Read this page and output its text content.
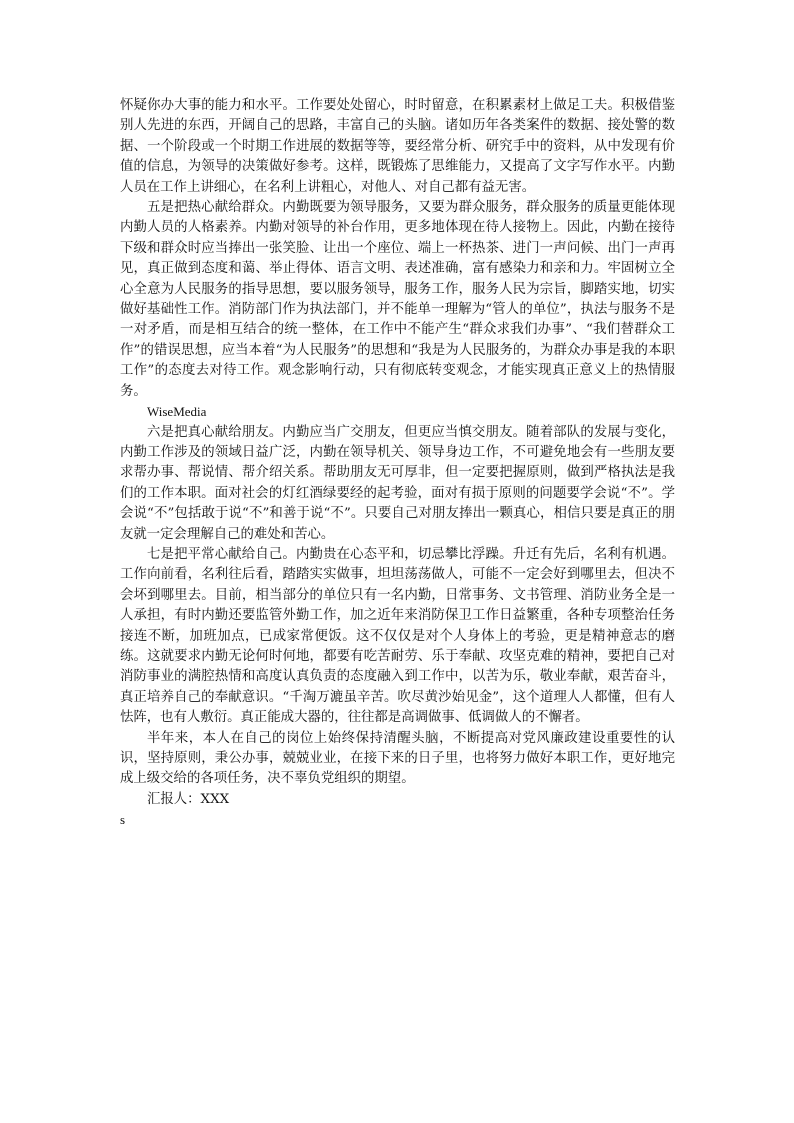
怀疑你办大事的能力和水平。工作要处处留心，时时留意，在积累素材上做足工夫。积极借鉴别人先进的东西，开阔自己的思路，丰富自己的头脑。诸如历年各类案件的数据、接处警的数据、一个阶段或一个时期工作进展的数据等等，要经常分析、研究手中的资料，从中发现有价值的信息，为领导的决策做好参考。这样，既锻炼了思维能力，又提高了文字写作水平。内勤人员在工作上讲细心，在名利上讲粗心，对他人、对自己都有益无害。

五是把热心献给群众。内勤既要为领导服务，又要为群众服务，群众服务的质量更能体现内勤人员的人格素养。内勤对领导的补台作用，更多地体现在待人接物上。因此，内勤在接待下级和群众时应当捧出一张笑脸、让出一个座位、端上一杯热茶、进门一声问候、出门一声再见，真正做到态度和蔼、举止得体、语言文明、表述准确，富有感染力和亲和力。牢固树立全心全意为人民服务的指导思想，要以服务领导，服务工作，服务人民为宗旨，脚踏实地，切实做好基础性工作。消防部门作为执法部门，并不能单一理解为“管人的单位”，执法与服务不是一对矛盾，而是相互结合的统一整体，在工作中不能产生“群众求我们办事”、“我们替群众工作”的错误思想，应当本着“为人民服务”的思想和“我是为人民服务的，为群众办事是我的本职工作”的态度去对待工作。观念影响行动，只有彻底转变观念，才能实现真正意义上的热情服务。

WiseMedia

六是把真心献给朋友。内勤应当广交朋友，但更应当慎交朋友。随着部队的发展与变化，内勤工作涉及的领域日益广泛，内勤在领导机关、领导身边工作，不可避免地会有一些朋友要求帮办事、帮说情、帮介绍关系。帮助朋友无可厚非，但一定要把握原则，做到严格执法是我们的工作本职。面对社会的灯红酒绿要经的起考验，面对有损于原则的问题要学会说“不”。学会说“不”包括敢于说“不”和善于说“不”。只要自己对朋友捧出一颗真心，相信只要是真正的朋友就一定会理解自己的难处和苦心。

七是把平常心献给自己。内勤贵在心态平和，切忌攀比浮躁。升迁有先后，名利有机遇。工作向前看，名利往后看，踏踏实实做事，坦坦荡荡做人，可能不一定会好到哪里去，但决不会坏到哪里去。目前，相当部分的单位只有一名内勤，日常事务、文书管理、消防业务全是一人承担，有时内勤还要监管外勤工作，加之近年来消防保卫工作日益繁重，各种专项整治任务接连不断，加班加点，已成家常便饭。这不仅仅是对个人身体上的考验，更是精神意志的磨练。这就要求内勤无论何时何地，都要有吃苦耐劳、乐于奉献、攻坚克难的精神，要把自己对消防事业的满腔热情和高度认真负责的态度融入到工作中，以苦为乐，敬业奉献，艰苦奋斗，真正培养自己的奉献意识。“千淘万漉虽辛苦。吹尽黄沙始见金”，这个道理人人都懂，但有人怯阵，也有人敷衍。真正能成大器的，往往都是高调做事、低调做人的不懈者。

半年来，本人在自己的岗位上始终保持清醒头脑，不断提高对党风廉政建设重要性的认识，坚持原则，秉公办事，兢兢业业，在接下来的日子里，也将努力做好本职工作，更好地完成上级交给的各项任务，决不辜负党组织的期望。

汇报人：XXX

s
